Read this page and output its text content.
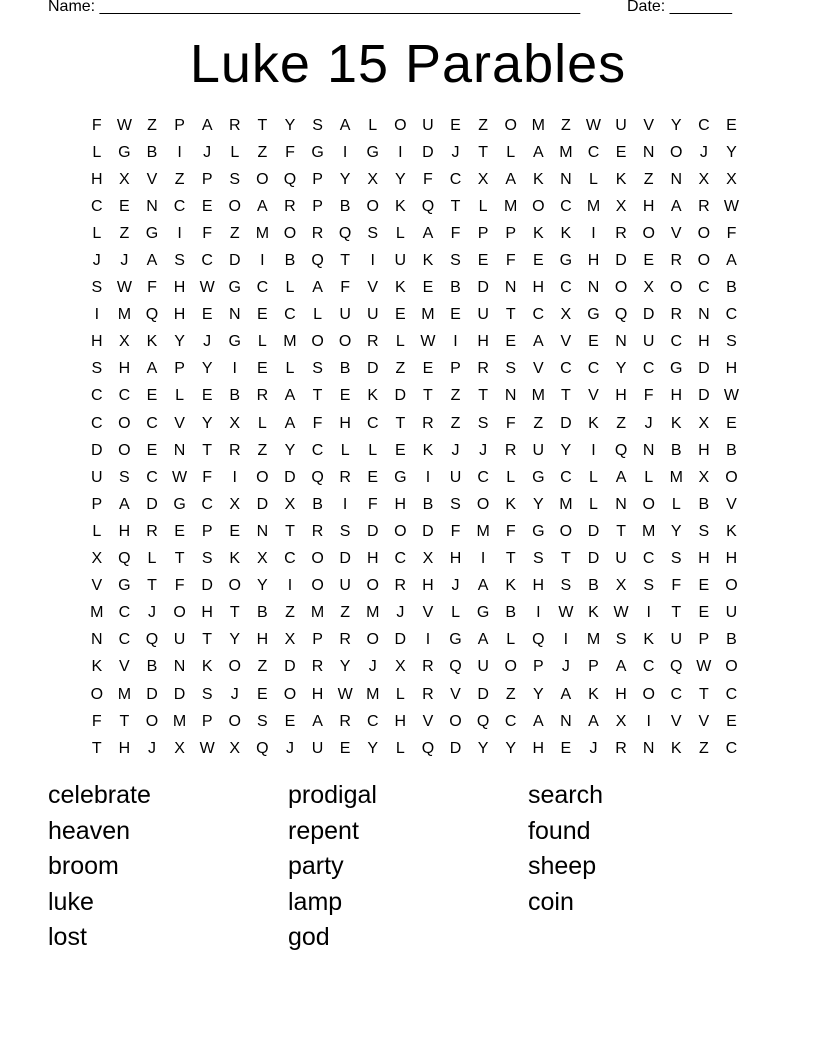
Name: ______________________________________________________	Date: _______
Luke 15 Parables
F W Z	P	A	R	T	Y	S	A	L	O U	E	Z	O M	Z W U	V	Y	C	E
L	G	B	I	J	L	Z	F	G	I	G	I	D	J	T	L	A M C	E	N O	J	Y
H	X	V	Z	P	S	O Q	P	Y	X	Y	F	C	X	A	K	N	L	K	Z	N	X	X
C	E	N	C	E	O	A	R	P	B	O	K	Q	T	L	M O C M X	H	A	R W
L	Z	G	I	F	Z	M O R Q	S	L	A	F	P	P	K	K	I	R O	V	O	F
J	J	A	S	C	D	I	B	Q	T	I	U	K	S	E	F	E	G H	D	E	R O	A
S W F	H W G C	L	A	F	V	K	E	B	D	N	H	C	N O	X	O C	B
I	M Q H	E	N	E	C	L	U	U	E M E	U	T	C	X	G Q D	R	N	C
H	X	K	Y	J	G	L	M O O R	L W	I	H	E	A	V	E	N	U	C	H	S
S	H	A	P	Y	I	E	L	S	B	D	Z	E	P	R	S	V	C	C	Y	C G D	H
C	C	E	L	E	B	R	A	T	E	K	D	T	Z	T	N M	T	V	H	F	H	D W
C O C	V	Y	X	L	A	F	H	C	T	R	Z	S	F	Z	D	K	Z	J	K	X	E
D O	E	N	T	R	Z	Y	C	L	L	E	K	J	J	R	U	Y	I	Q N	B	H	B
U	S	C W F	I	O D Q R	E	G	I	U	C	L	G C	L	A	L	M X	O
P	A	D G C	X	D	X	B	I	F	H	B	S	O	K	Y M	L	N O	L	B	V
L	H	R	E	P	E	N	T	R	S	D O D	F	M	F	G O D	T	M Y	S	K
X	Q	L	T	S	K	X	C O D	H	C	X	H	I	T	S	T	D	U	C	S	H	H
V	G	T	F	D O	Y	I	O U O R	H	J	A	K	H	S	B	X	S	F	E	O
M C	J	O H	T	B	Z	M	Z	M	J	V	L	G	B	I	W K W	I	T	E	U
N	C Q U	T	Y	H	X	P	R O D	I	G	A	L	Q	I	M S	K	U	P	B
K	V	B	N	K	O	Z	D	R	Y	J	X	R Q U O	P	J	P	A	C Q W O
O M D	D	S	J	E	O H W M	L	R	V	D	Z	Y	A	K	H O C	T	C
F	T	O M P	O	S	E	A	R	C	H	V	O Q C	A	N	A	X	I	V	V	E
T	H	J	X W X	Q	J	U	E	Y	L	Q D	Y	Y	H	E	J	R	N	K	Z	C
celebrate
heaven
broom
luke
lost
prodigal
repent
party
lamp
god
search
found
sheep
coin
